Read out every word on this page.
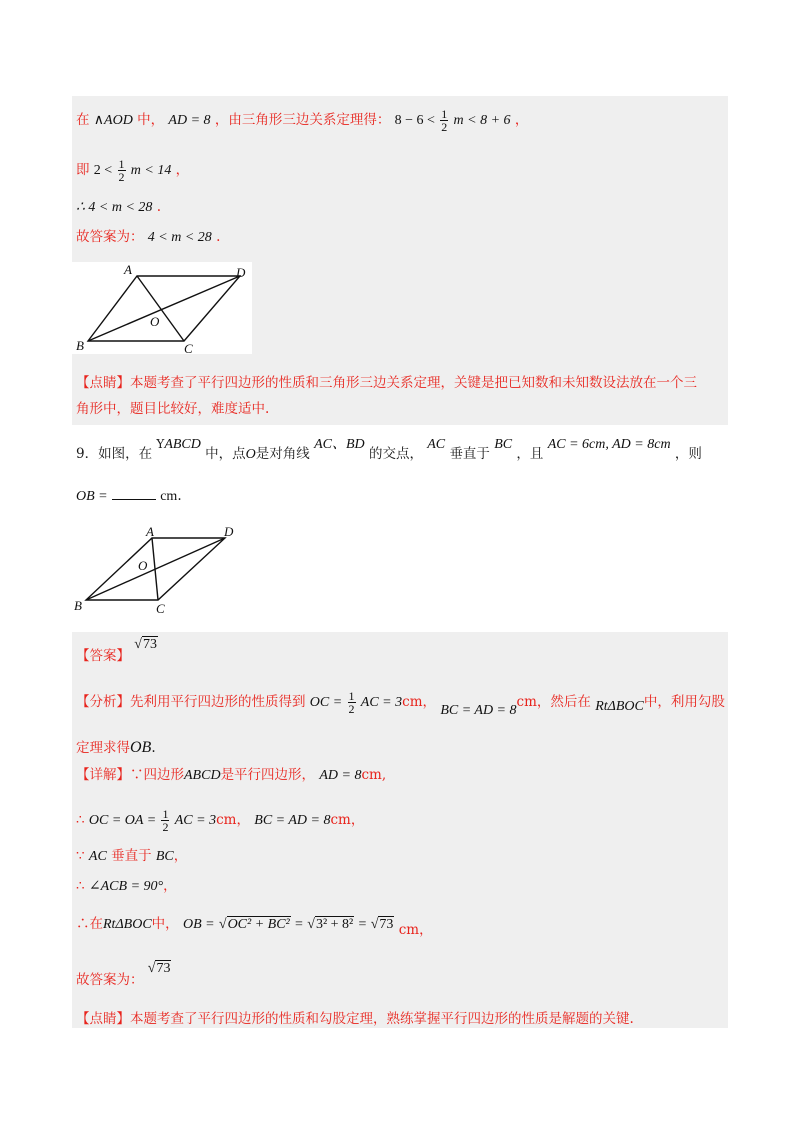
在 ∧AOD 中， AD = 8 ，由三角形三边关系定理得： $8 - 6 < \frac{1}{2}$ m < 8 + 6 ，
即 $2 < \frac{1}{2}$ m < 14 ，
∴ 4 < m < 28 .
故答案为： 4 < m < 28 .
A	D
B	C
O
【点睛】本题考查了平行四边形的性质和三角形三边关系定理，关键是把已知数和未知数设法放在一个三
角形中，题目比较好，难度适中.
9．如图，在 YABCD 中，点O是对角线 AC、BD 的交点， AC 垂直于 BC ，且 AC = 6cm, AD = 8cm ，则
OB =	cm.
A	D
B	C
O
【答案】 √73
【分析】先利用平行四边形的性质得到 OC = $\frac{1}{2}$ AC = 3cm， BC = AD = 8cm，然后在 RtΔBOC中，利用勾股
定理求得OB.
【详解】∵四边形ABCD是平行四边形， AD = 8cm,
∴ OC = OA = $\frac{1}{2}$ AC = 3cm， BC = AD = 8cm，
∵ AC 垂直于 BC，
∴ ∠ACB = 90°，
∴在RtΔBOC中， OB = √OC² + BC² = √3² + 8² = √73 cm，
故答案为： √73
【点睛】本题考查了平行四边形的性质和勾股定理，熟练掌握平行四边形的性质是解题的关键.
